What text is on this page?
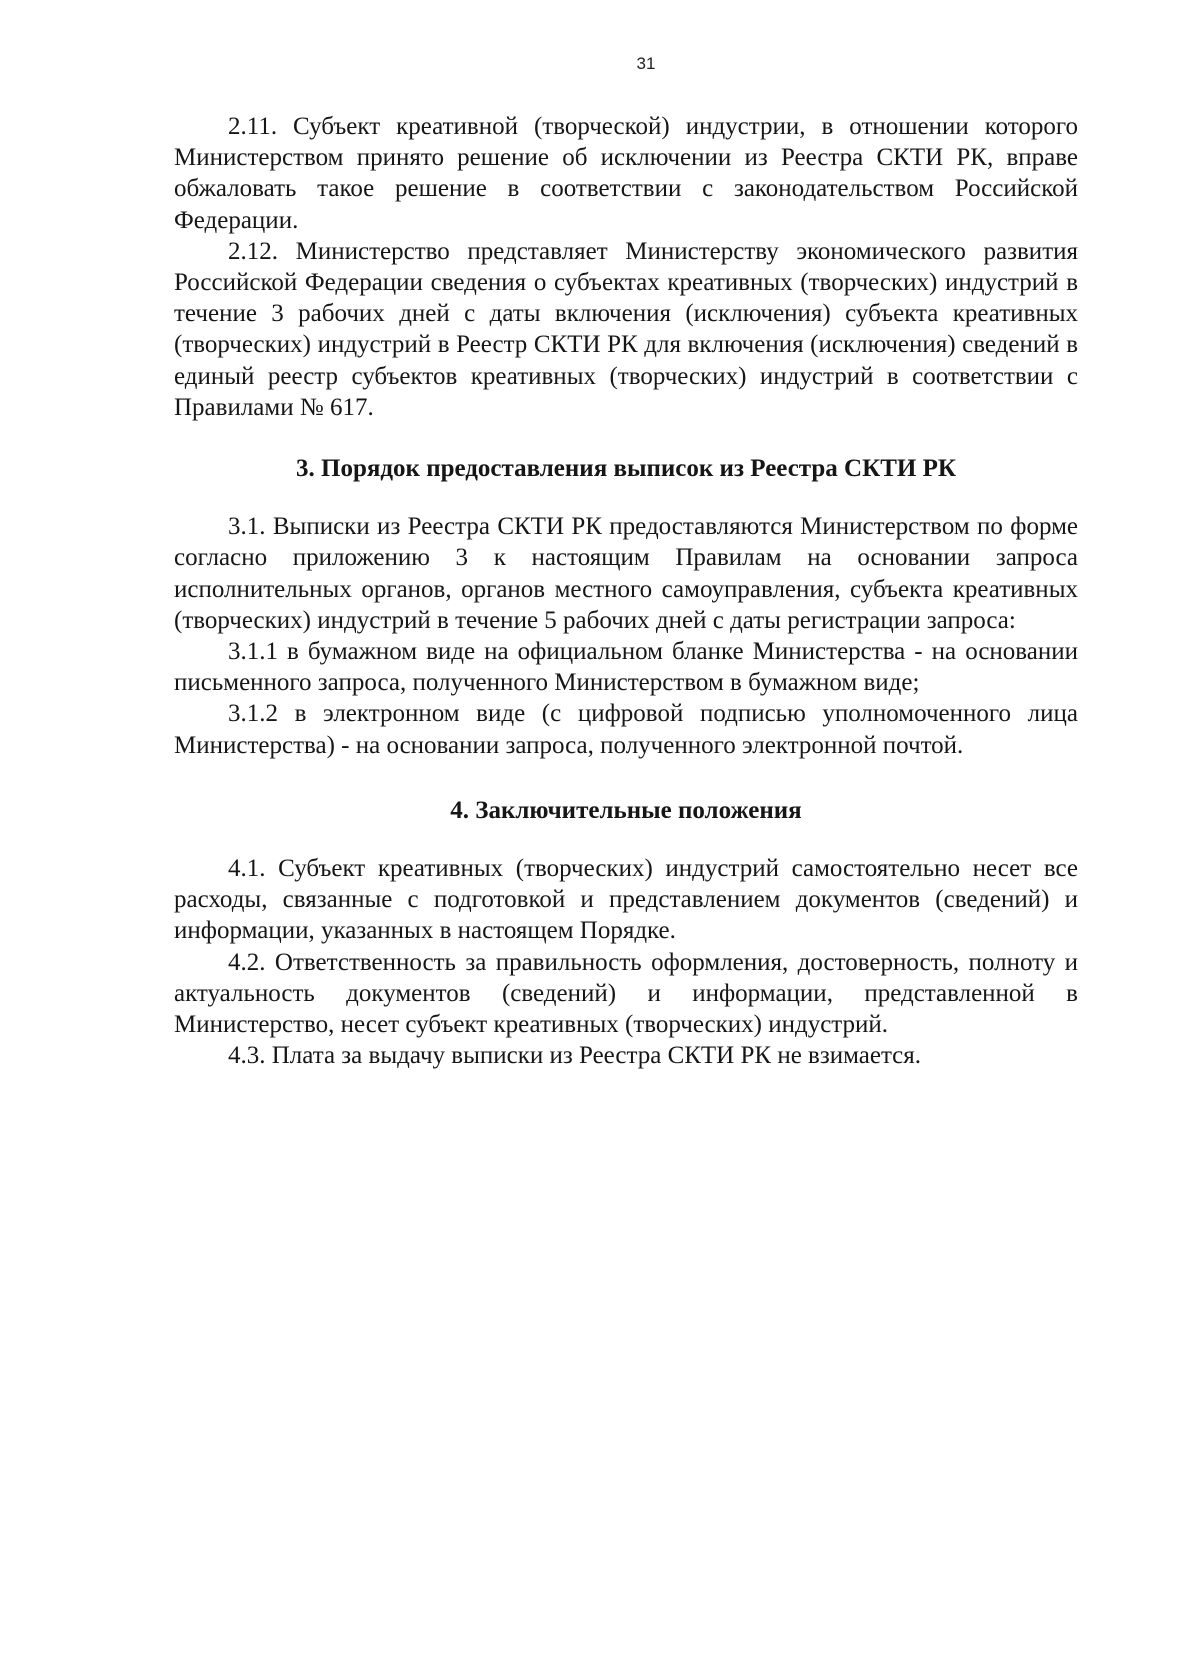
31

2.11. Субъект креативной (творческой) индустрии, в отношении которого Министерством принято решение об исключении из Реестра СКТИ РК, вправе обжаловать такое решение в соответствии с законодательством Российской Федерации.

2.12. Министерство представляет Министерству экономического развития Российской Федерации сведения о субъектах креативных (творческих) индустрий в течение 3 рабочих дней с даты включения (исключения) субъекта креативных (творческих) индустрий в Реестр СКТИ РК для включения (исключения) сведений в единый реестр субъектов креативных (творческих) индустрий в соответствии с Правилами № 617.

3. Порядок предоставления выписок из Реестра СКТИ РК

3.1. Выписки из Реестра СКТИ РК предоставляются Министерством по форме согласно приложению 3 к настоящим Правилам на основании запроса исполнительных органов, органов местного самоуправления, субъекта креативных (творческих) индустрий в течение 5 рабочих дней с даты регистрации запроса:

3.1.1 в бумажном виде на официальном бланке Министерства - на основании письменного запроса, полученного Министерством в бумажном виде;

3.1.2 в электронном виде (с цифровой подписью уполномоченного лица Министерства) - на основании запроса, полученного электронной почтой.

4. Заключительные положения

4.1. Субъект креативных (творческих) индустрий самостоятельно несет все расходы, связанные с подготовкой и представлением документов (сведений) и информации, указанных в настоящем Порядке.

4.2. Ответственность за правильность оформления, достоверность, полноту и актуальность документов (сведений) и информации, представленной в Министерство, несет субъект креативных (творческих) индустрий.

4.3. Плата за выдачу выписки из Реестра СКТИ РК не взимается.
